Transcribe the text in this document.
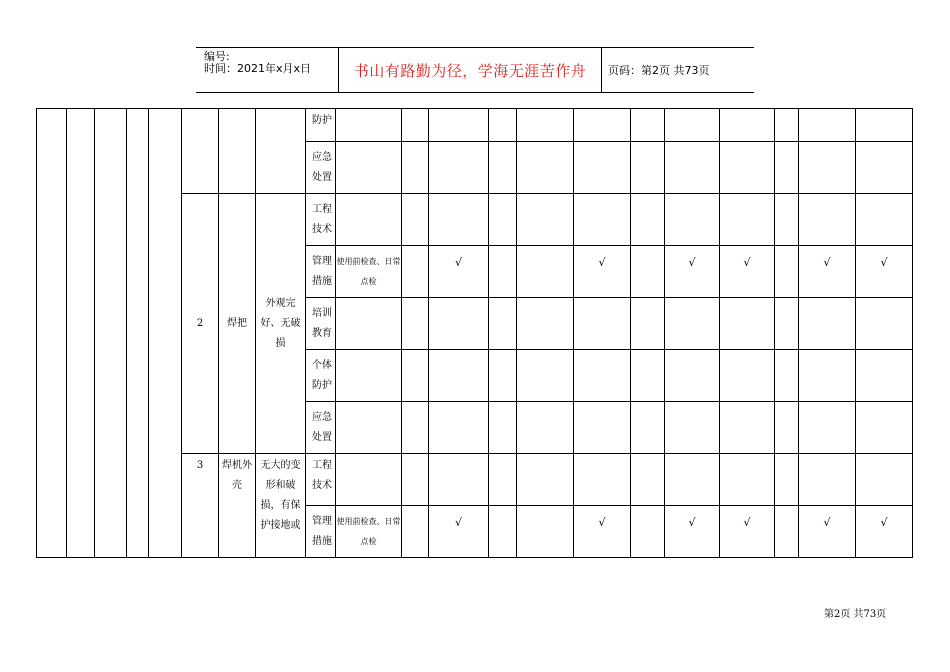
编号:
时间：2021年x月x日	书山有路勤为径，学海无涯苦作舟	页码：第2页 共73页
								防护												
								应急处置												
					2	焊把	外观完好、无破损	工程技术												
								管理措施	使用前检查、日常点检		√			√		√	√		√	√
								培训教育												
								个体防护												
								应急处置												
					3	焊机外壳	无大的变形和破损，有保护接地或	工程技术												
								管理措施	使用前检查、日常点检		√			√		√	√		√	√
第2页 共73页
